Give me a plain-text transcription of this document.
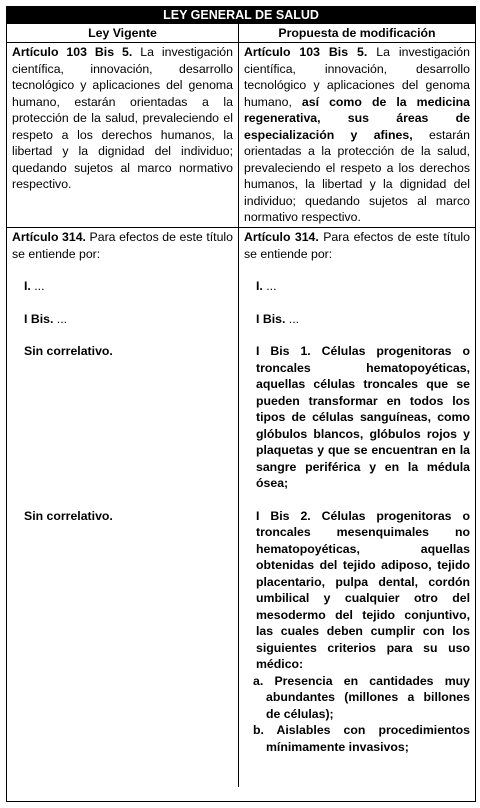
LEY GENERAL DE SALUD
Ley Vigente	Propuesta de modificación

Artículo 103 Bis 5. La investigación científica, innovación, desarrollo tecnológico y aplicaciones del genoma humano, estarán orientadas a la protección de la salud, prevaleciendo el respeto a los derechos humanos, la libertad y la dignidad del individuo; quedando sujetos al marco normativo respectivo.

Artículo 103 Bis 5. La investigación científica, innovación, desarrollo tecnológico y aplicaciones del genoma humano, así como de la medicina regenerativa, sus áreas de especialización y afines, estarán orientadas a la protección de la salud, prevaleciendo el respeto a los derechos humanos, la libertad y la dignidad del individuo; quedando sujetos al marco normativo respectivo.

Artículo 314. Para efectos de este título se entiende por:

I. ...

I Bis. ...

Sin correlativo.

Sin correlativo.

Artículo 314. Para efectos de este título se entiende por:

I. ...

I Bis. ...

I Bis 1. Células progenitoras o troncales hematopoyéticas, aquellas células troncales que se pueden transformar en todos los tipos de células sanguíneas, como glóbulos blancos, glóbulos rojos y plaquetas y que se encuentran en la sangre periférica y en la médula ósea;

I Bis 2. Células progenitoras o troncales mesenquimales no hematopoyéticas, aquellas obtenidas del tejido adiposo, tejido placentario, pulpa dental, cordón umbilical y cualquier otro del mesodermo del tejido conjuntivo, las cuales deben cumplir con los siguientes criterios para su uso médico:

a. Presencia en cantidades muy abundantes (millones a billones de células);

b. Aislables con procedimientos mínimamente invasivos;
